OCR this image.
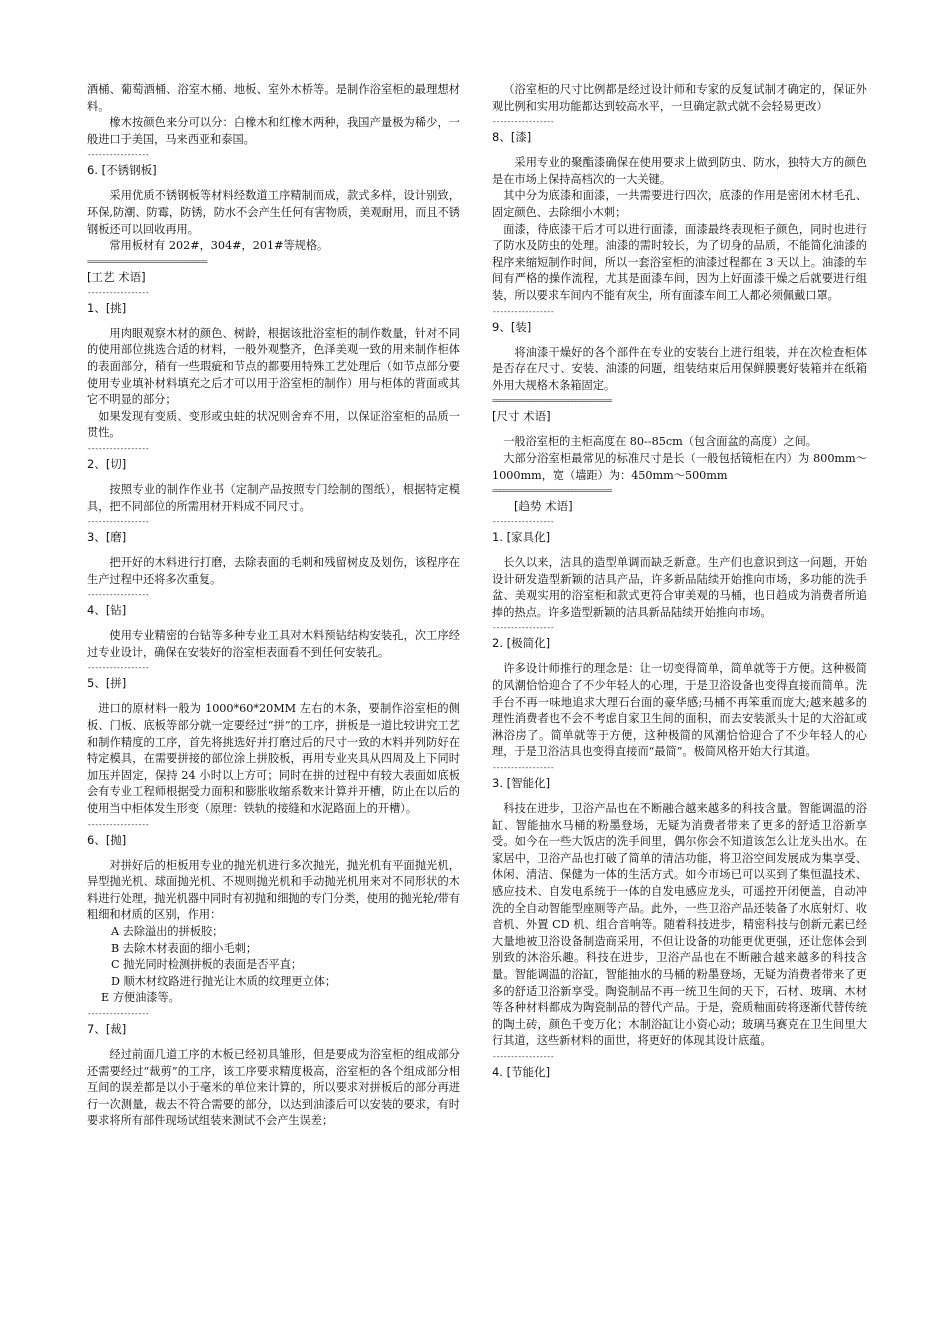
酒桶、葡萄酒桶、浴室木桶、地板、室外木桥等。是制作浴室柜的最理想材料。

橡木按颜色来分可以分：白橡木和红橡木两种，我国产量极为稀少，一般进口于美国，马来西亚和泰国。

-----------------

6. [不锈钢板]

采用优质不锈钢板等材料经数道工序精制而成，款式多样，设计别致，环保,防潮、防霉，防锈，防水不会产生任何有害物质，美观耐用，而且不锈钢板还可以回收再用。

常用板材有 202#，304#，201#等规格。

=================================

[工艺 术语]

-----------------

1、[挑]

用肉眼观察木材的颜色、树龄，根据该批浴室柜的制作数量，针对不同的使用部位挑选合适的材料，一般外观整齐，色泽美观一致的用来制作柜体的表面部分，稍有一些瑕疵和节点的都要用特殊工艺处理后（如节点部分要使用专业填补材料填充之后才可以用于浴室柜的制作）用与柜体的背面或其它不明显的部分；

如果发现有变质、变形或虫蛀的状况则舍弃不用，以保证浴室柜的品质一贯性。

-----------------

2、[切]

按照专业的制作作业书（定制产品按照专门绘制的图纸），根据特定模具，把不同部位的所需用材开料成不同尺寸。

-----------------

3、[磨]

把开好的木料进行打磨，去除表面的毛刺和残留树皮及划伤，该程序在生产过程中还将多次重复。

-----------------

4、[钻]

使用专业精密的台钻等多种专业工具对木料预钻结构安装孔，次工序经过专业设计，确保在安装好的浴室柜表面看不到任何安装孔。

-----------------

5、[拼]

进口的原材料一般为 1000*60*20MM 左右的木条，要制作浴室柜的侧板、门板、底板等部分就一定要经过“拼”的工序，拼板是一道比较讲究工艺和制作精度的工序，首先将挑选好并打磨过后的尺寸一致的木料并列防好在特定模具，在需要拼接的部位涂上拼胶板，再用专业夹具从四周及上下同时加压并固定，保持 24 小时以上方可；同时在拼的过程中有较大表面如底板会有专业工程师根据受力面积和膨胀收缩系数来计算并开槽，防止在以后的使用当中柜体发生形变（原理：铁轨的接缝和水泥路面上的开槽）。

-----------------

6、[抛]

对拼好后的柜板用专业的抛光机进行多次抛光，抛光机有平面抛光机，异型抛光机、球面抛光机、不规则抛光机和手动抛光机用来对不同形状的木料进行处理，抛光机器中同时有初抛和细抛的专门分类，使用的抛光轮/带有粗细和材质的区别，作用：

A 去除溢出的拼板胶；

B 去除木材表面的细小毛刺；

C 抛光同时检测拼板的表面是否平直；

D 顺木材纹路进行抛光让木质的纹理更立体；

E 方便油漆等。

-----------------

7、[裁]

经过前面几道工序的木板已经初具雏形，但是要成为浴室柜的组成部分还需要经过“裁剪”的工序，该工序要求精度极高，浴室柜的各个组成部分相互间的误差都是以小于毫米的单位来计算的，所以要求对拼板后的部分再进行一次测量，裁去不符合需要的部分，以达到油漆后可以安装的要求，有时要求将所有部件现场试组装来测试不会产生误差；

（浴室柜的尺寸比例都是经过设计师和专家的反复试制才确定的，保证外观比例和实用功能都达到较高水平，一旦确定款式就不会轻易更改）

-----------------

8、[漆]

采用专业的聚酯漆确保在使用要求上做到防虫、防水，独特大方的颜色是在市场上保持高档次的一大关键。

其中分为底漆和面漆，一共需要进行四次，底漆的作用是密闭木材毛孔、固定颜色、去除细小木刺；

面漆，待底漆干后才可以进行面漆，面漆最终表现柜子颜色，同时也进行了防水及防虫的处理。油漆的需时较长，为了切身的品质，不能简化油漆的程序来缩短制作时间，所以一套浴室柜的油漆过程都在 3 天以上。油漆的车间有严格的操作流程，尤其是面漆车间，因为上好面漆干燥之后就要进行组装，所以要求车间内不能有灰尘，所有面漆车间工人都必须佩戴口罩。

-----------------

9、[装]

将油漆干燥好的各个部件在专业的安装台上进行组装，并在次检查柜体是否存在尺寸、安装、油漆的问题，组装结束后用保鲜膜裹好装箱并在纸箱外用大规格木条箱固定。

=================================

[尺寸 术语]

一般浴室柜的主柜高度在 80--85cm（包含面盆的高度）之间。

大部分浴室柜最常见的标准尺寸是长（一般包括镜柜在内）为 800mm～1000mm，宽（墙距）为：450mm～500mm

=================================

[趋势 术语]

-----------------

1. [家具化]

长久以来，洁具的造型单调而缺乏新意。生产们也意识到这一问题，开始设计研发造型新颖的洁具产品，许多新品陆续开始推向市场，多功能的洗手盆、美观实用的浴室柜和款式更符合审美观的马桶，也日趋成为消费者所追捧的热点。许多造型新颖的洁具新品陆续开始推向市场。

-----------------

2. [极简化]

许多设计师推行的理念是：让一切变得简单，简单就等于方便。这种极简的风潮恰恰迎合了不少年轻人的心理，于是卫浴设备也变得直接而简单。洗手台不再一味地追求大理石台面的豪华感;马桶不再笨重而庞大;越来越多的理性消费者也不会不考虑自家卫生间的面积，而去安装派头十足的大浴缸或淋浴房了。简单就等于方便，这种极简的风潮恰恰迎合了不少年轻人的心理，于是卫浴洁具也变得直接而“最简”。极简风格开始大行其道。

-----------------

3. [智能化]

科技在进步，卫浴产品也在不断融合越来越多的科技含量。智能调温的浴缸、智能抽水马桶的粉墨登场，无疑为消费者带来了更多的舒适卫浴新享受。如今在一些大饭店的洗手间里，偶尔你会不知道该怎么让龙头出水。在家居中，卫浴产品也打破了简单的清洁功能，将卫浴空间发展成为集享受、休闲、清洁、保健为一体的生活方式。如今市场已可以买到了集恒温技术、感应技术、自发电系统于一体的自发电感应龙头，可遥控开闭便盖，自动冲洗的全自动智能型座厕等产品。此外，一些卫浴产品还装备了水底射灯、收音机、外置 CD 机、组合音响等。随着科技进步，精密科技与创新元素已经大量地被卫浴设备制造商采用，不但让设备的功能更优更强，还让您体会到别致的沐浴乐趣。科技在进步，卫浴产品也在不断融合越来越多的科技含量。智能调温的浴缸，智能抽水的马桶的粉墨登场，无疑为消费者带来了更多的舒适卫浴新享受。陶瓷制品不再一统卫生间的天下，石材、玻璃、木材等各种材料都成为陶瓷制品的替代产品。于是，瓷质釉面砖将逐渐代替传统的陶土砖，颜色千变万化；木制浴缸让小资心动；玻璃马赛克在卫生间里大行其道，这些新材料的面世，将更好的体现其设计底蕴。

-----------------

4. [节能化]
